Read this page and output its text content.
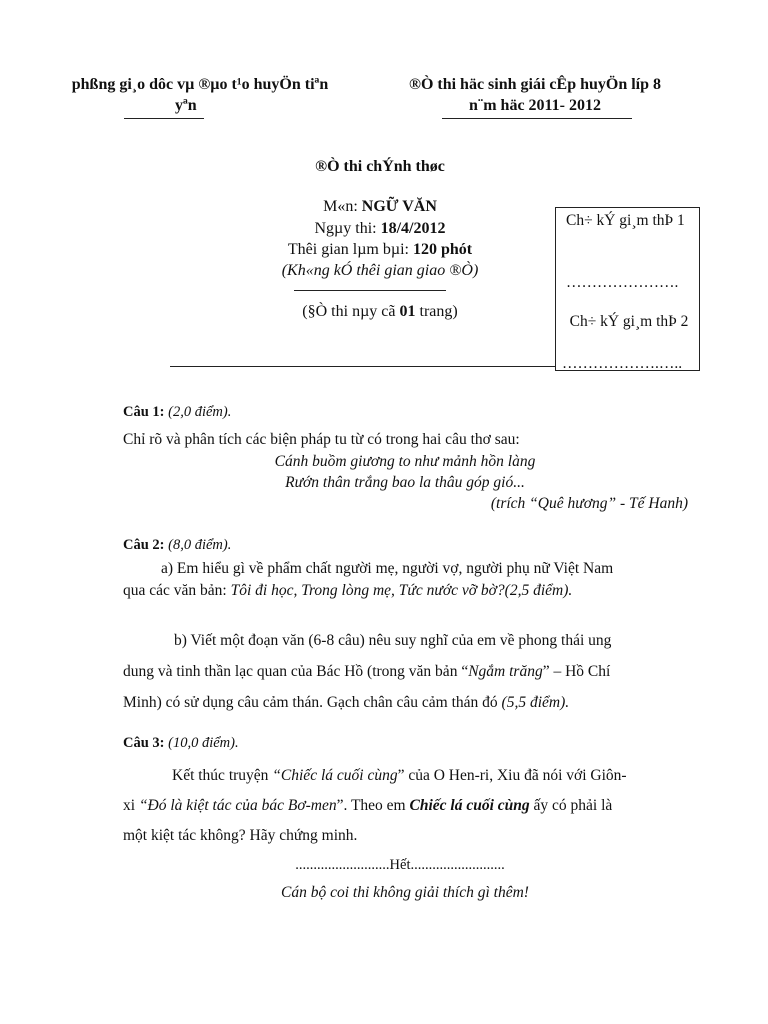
phßng gi¸o dôc vµ ®µo t¹o huyÖn tiªn
yªn
®Ò thi häc sinh giái cÊp huyÖn líp 8
n¨m häc 2011- 2012
®Ò thi chÝnh thøc
M«n: NGỮ VĂN
Ngµy thi: 18/4/2012
Thêi gian lµm bµi: 120 phót
(Kh«ng kÓ thêi gian giao ®Ò)
(§Ò thi nµy cã 01 trang)
Ch÷ kÝ gi¸m thÞ 1
………………….
Ch÷ kÝ gi¸m thÞ 2
……………….…..
Câu 1: (2,0 điểm).
Chỉ rõ và phân tích các biện pháp tu từ có trong hai câu thơ sau:
Cánh buồm giương to như mảnh hồn làng
Rướn thân trắng bao la thâu góp gió...
(trích “Quê hương” - Tế Hanh)
Câu 2: (8,0 điểm).
a) Em hiểu gì về phẩm chất người mẹ, người vợ, người phụ nữ Việt Nam
qua các văn bản: Tôi đi học, Trong lòng mẹ, Tức nước vỡ bờ?(2,5 điểm).
b) Viết một đoạn văn (6-8 câu) nêu suy nghĩ của em về phong thái ung
dung và tinh thần lạc quan của Bác Hồ (trong văn bản “Ngắm trăng” – Hồ Chí
Minh) có sử dụng câu cảm thán. Gạch chân câu cảm thán đó (5,5 điểm).
Câu 3: (10,0 điểm).
Kết thúc truyện “Chiếc lá cuối cùng” của O Hen-ri, Xiu đã nói với Giôn-
xi “Đó là kiệt tác của bác Bơ-men”. Theo em Chiếc lá cuối cùng ấy có phải là
một kiệt tác không? Hãy chứng minh.
..........................Hết..........................
Cán bộ coi thi không giải thích gì thêm!
